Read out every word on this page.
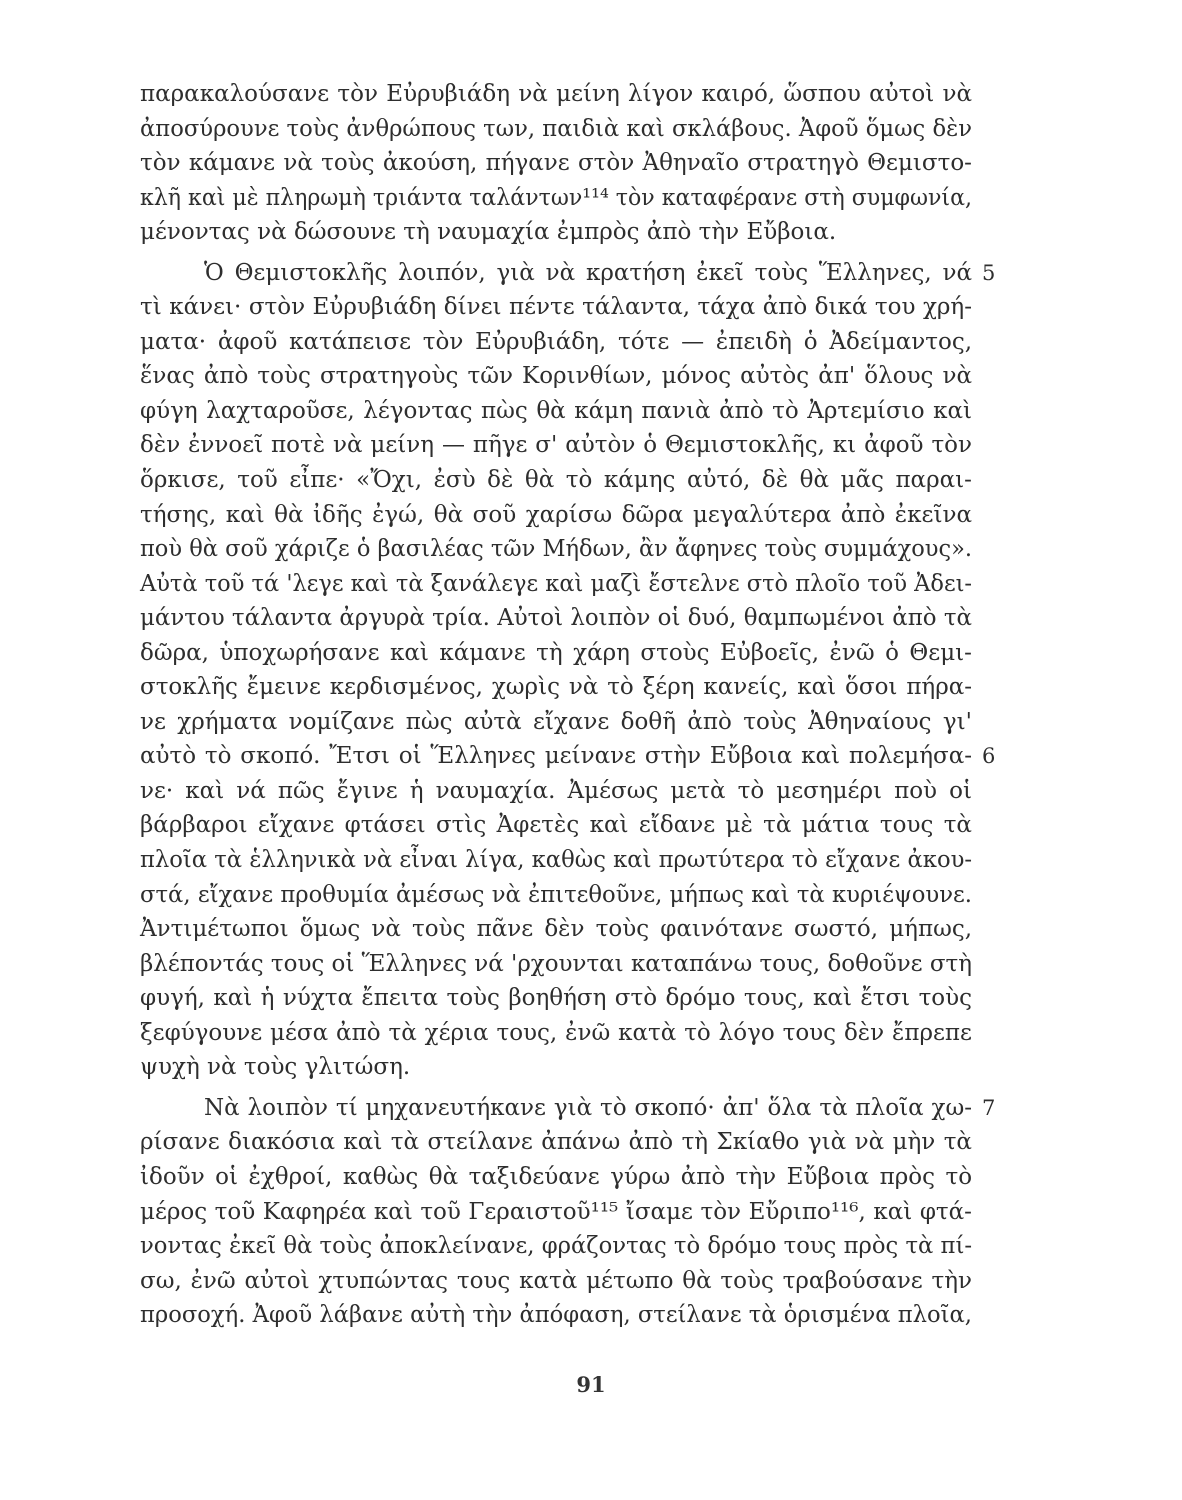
παρακαλούσανε τὸν Εὐρυβιάδη νὰ μείνη λίγον καιρό, ὥσπου αὐτοὶ νὰ
ἀποσύρουνε τοὺς ἀνθρώπους των, παιδιὰ καὶ σκλάβους. Ἀφοῦ ὅμως δὲν
τὸν κάμανε νὰ τοὺς ἀκούση, πήγανε στὸν Ἀθηναῖο στρατηγὸ Θεμιστο-
κλῆ καὶ μὲ πληρωμὴ τριάντα ταλάντων¹¹⁴ τὸν καταφέρανε στὴ συμφωνία,
μένοντας νὰ δώσουνε τὴ ναυμαχία ἐμπρὸς ἀπὸ τὴν Εὔβοια.
Ὁ Θεμιστοκλῆς λοιπόν, γιὰ νὰ κρατήση ἐκεῖ τοὺς Ἕλληνες, νά 5
τὶ κάνει· στὸν Εὐρυβιάδη δίνει πέντε τάλαντα, τάχα ἀπὸ δικά του χρή-
ματα· ἀφοῦ κατάπεισε τὸν Εὐρυβιάδη, τότε — ἐπειδὴ ὁ Ἀδείμαντος,
ἕνας ἀπὸ τοὺς στρατηγοὺς τῶν Κορινθίων, μόνος αὐτὸς ἀπ' ὅλους νὰ
φύγη λαχταροῦσε, λέγοντας πὼς θὰ κάμη πανιὰ ἀπὸ τὸ Ἀρτεμίσιο καὶ
δὲν ἐννοεῖ ποτὲ νὰ μείνη — πῆγε σ' αὐτὸν ὁ Θεμιστοκλῆς, κι ἀφοῦ τὸν
ὅρκισε, τοῦ εἶπε· «Ὄχι, ἐσὺ δὲ θὰ τὸ κάμης αὐτό, δὲ θὰ μᾶς παραι-
τήσης, καὶ θὰ ἰδῆς ἐγώ, θὰ σοῦ χαρίσω δῶρα μεγαλύτερα ἀπὸ ἐκεῖνα
ποὺ θὰ σοῦ χάριζε ὁ βασιλέας τῶν Μήδων, ἂν ἄφηνες τοὺς συμμάχους».
Αὐτὰ τοῦ τά 'λεγε καὶ τὰ ξανάλεγε καὶ μαζὶ ἔστελνε στὸ πλοῖο τοῦ Ἀδει-
μάντου τάλαντα ἀργυρὰ τρία. Αὐτοὶ λοιπὸν οἱ δυό, θαμπωμένοι ἀπὸ τὰ
δῶρα, ὑποχωρήσανε καὶ κάμανε τὴ χάρη στοὺς Εὐβοεῖς, ἐνῶ ὁ Θεμι-
στοκλῆς ἔμεινε κερδισμένος, χωρὶς νὰ τὸ ξέρη κανείς, καὶ ὅσοι πήρα-
νε χρήματα νομίζανε πὼς αὐτὰ εἴχανε δοθῆ ἀπὸ τοὺς Ἀθηναίους γι'
αὐτὸ τὸ σκοπό. Ἔτσι οἱ Ἕλληνες μείνανε στὴν Εὔβοια καὶ πολεμήσα- 6
νε· καὶ νά πῶς ἔγινε ἡ ναυμαχία. Ἀμέσως μετὰ τὸ μεσημέρι ποὺ οἱ
βάρβαροι εἴχανε φτάσει στὶς Ἀφετὲς καὶ εἴδανε μὲ τὰ μάτια τους τὰ
πλοῖα τὰ ἑλληνικὰ νὰ εἶναι λίγα, καθὼς καὶ πρωτύτερα τὸ εἴχανε ἀκου-
στά, εἴχανε προθυμία ἀμέσως νὰ ἐπιτεθοῦνε, μήπως καὶ τὰ κυριέψουνε.
Ἀντιμέτωποι ὅμως νὰ τοὺς πᾶνε δὲν τοὺς φαινότανε σωστό, μήπως,
βλέποντάς τους οἱ Ἕλληνες νά 'ρχουνται καταπάνω τους, δοθοῦνε στὴ
φυγή, καὶ ἡ νύχτα ἔπειτα τοὺς βοηθήση στὸ δρόμο τους, καὶ ἔτσι τοὺς
ξεφύγουνε μέσα ἀπὸ τὰ χέρια τους, ἐνῶ κατὰ τὸ λόγο τους δὲν ἔπρεπε
ψυχὴ νὰ τοὺς γλιτώση.
Νὰ λοιπὸν τί μηχανευτήκανε γιὰ τὸ σκοπό· ἀπ' ὅλα τὰ πλοῖα χω- 7
ρίσανε διακόσια καὶ τὰ στείλανε ἀπάνω ἀπὸ τὴ Σκίαθο γιὰ νὰ μὴν τὰ
ἰδοῦν οἱ ἐχθροί, καθὼς θὰ ταξιδεύανε γύρω ἀπὸ τὴν Εὔβοια πρὸς τὸ
μέρος τοῦ Καφηρέα καὶ τοῦ Γεραιστοῦ¹¹⁵ ἴσαμε τὸν Εὔριπο¹¹⁶, καὶ φτά-
νοντας ἐκεῖ θὰ τοὺς ἀποκλείνανε, φράζοντας τὸ δρόμο τους πρὸς τὰ πί-
σω, ἐνῶ αὐτοὶ χτυπώντας τους κατὰ μέτωπο θὰ τοὺς τραβούσανε τὴν
προσοχή. Ἀφοῦ λάβανε αὐτὴ τὴν ἀπόφαση, στείλανε τὰ ὁρισμένα πλοῖα,
91
